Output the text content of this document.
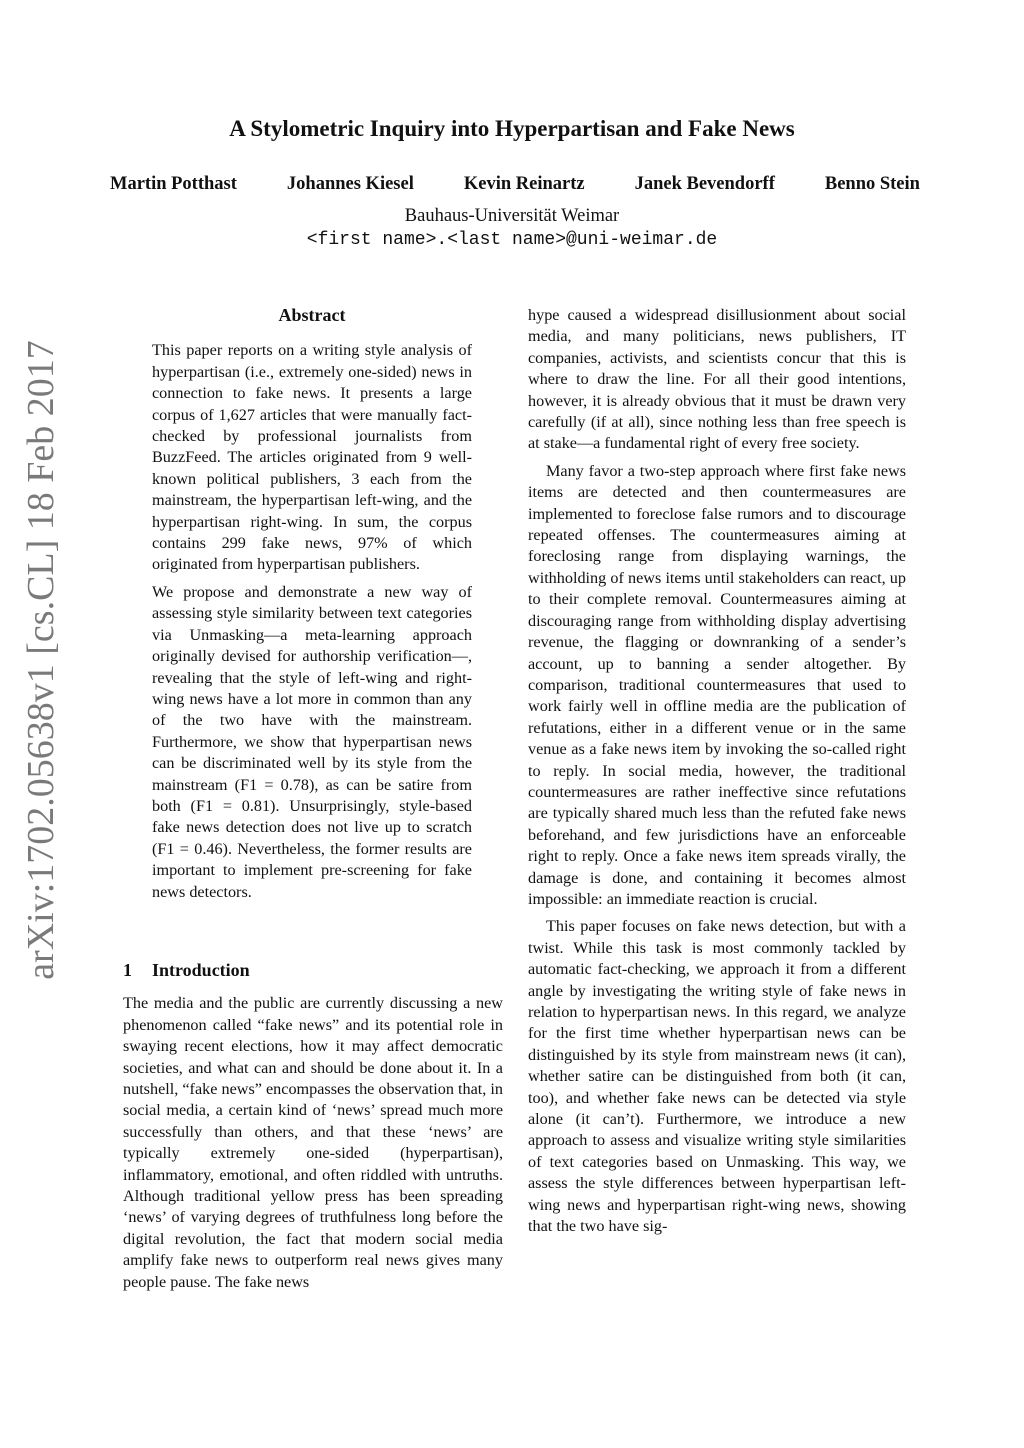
arXiv:1702.05638v1 [cs.CL] 18 Feb 2017
A Stylometric Inquiry into Hyperpartisan and Fake News
Martin Potthast	Johannes Kiesel	Kevin Reinartz	Janek Bevendorff	Benno Stein
Bauhaus-Universität Weimar
<first name>.<last name>@uni-weimar.de
Abstract

This paper reports on a writing style analysis of hyperpartisan (i.e., extremely one-sided) news in connection to fake news. It presents a large corpus of 1,627 articles that were manually fact-checked by professional journalists from BuzzFeed. The articles originated from 9 well-known political publishers, 3 each from the mainstream, the hyperpartisan left-wing, and the hyperpartisan right-wing. In sum, the corpus contains 299 fake news, 97% of which originated from hyperpartisan publishers.

We propose and demonstrate a new way of assessing style similarity between text categories via Unmasking—a meta-learning approach originally devised for authorship verification—, revealing that the style of left-wing and right-wing news have a lot more in common than any of the two have with the mainstream. Furthermore, we show that hyperpartisan news can be discriminated well by its style from the mainstream (F1 = 0.78), as can be satire from both (F1 = 0.81). Unsurprisingly, style-based fake news detection does not live up to scratch (F1 = 0.46). Nevertheless, the former results are important to implement pre-screening for fake news detectors.

1 Introduction

The media and the public are currently discussing a new phenomenon called “fake news” and its potential role in swaying recent elections, how it may affect democratic societies, and what can and should be done about it. In a nutshell, “fake news” encompasses the observation that, in social media, a certain kind of ‘news’ spread much more successfully than others, and that these ‘news’ are typically extremely one-sided (hyperpartisan), inflammatory, emotional, and often riddled with untruths. Although traditional yellow press has been spreading ‘news’ of varying degrees of truthfulness long before the digital revolution, the fact that modern social media amplify fake news to outperform real news gives many people pause. The fake news

hype caused a widespread disillusionment about social media, and many politicians, news publishers, IT companies, activists, and scientists concur that this is where to draw the line. For all their good intentions, however, it is already obvious that it must be drawn very carefully (if at all), since nothing less than free speech is at stake—a fundamental right of every free society.

Many favor a two-step approach where first fake news items are detected and then countermeasures are implemented to foreclose false rumors and to discourage repeated offenses. The countermeasures aiming at foreclosing range from displaying warnings, the withholding of news items until stakeholders can react, up to their complete removal. Countermeasures aiming at discouraging range from withholding display advertising revenue, the flagging or downranking of a sender’s account, up to banning a sender altogether. By comparison, traditional countermeasures that used to work fairly well in offline media are the publication of refutations, either in a different venue or in the same venue as a fake news item by invoking the so-called right to reply. In social media, however, the traditional countermeasures are rather ineffective since refutations are typically shared much less than the refuted fake news beforehand, and few jurisdictions have an enforceable right to reply. Once a fake news item spreads virally, the damage is done, and containing it becomes almost impossible: an immediate reaction is crucial.

This paper focuses on fake news detection, but with a twist. While this task is most commonly tackled by automatic fact-checking, we approach it from a different angle by investigating the writing style of fake news in relation to hyperpartisan news. In this regard, we analyze for the first time whether hyperpartisan news can be distinguished by its style from mainstream news (it can), whether satire can be distinguished from both (it can, too), and whether fake news can be detected via style alone (it can’t). Furthermore, we introduce a new approach to assess and visualize writing style similarities of text categories based on Unmasking. This way, we assess the style differences between hyperpartisan left-wing news and hyperpartisan right-wing news, showing that the two have sig-
